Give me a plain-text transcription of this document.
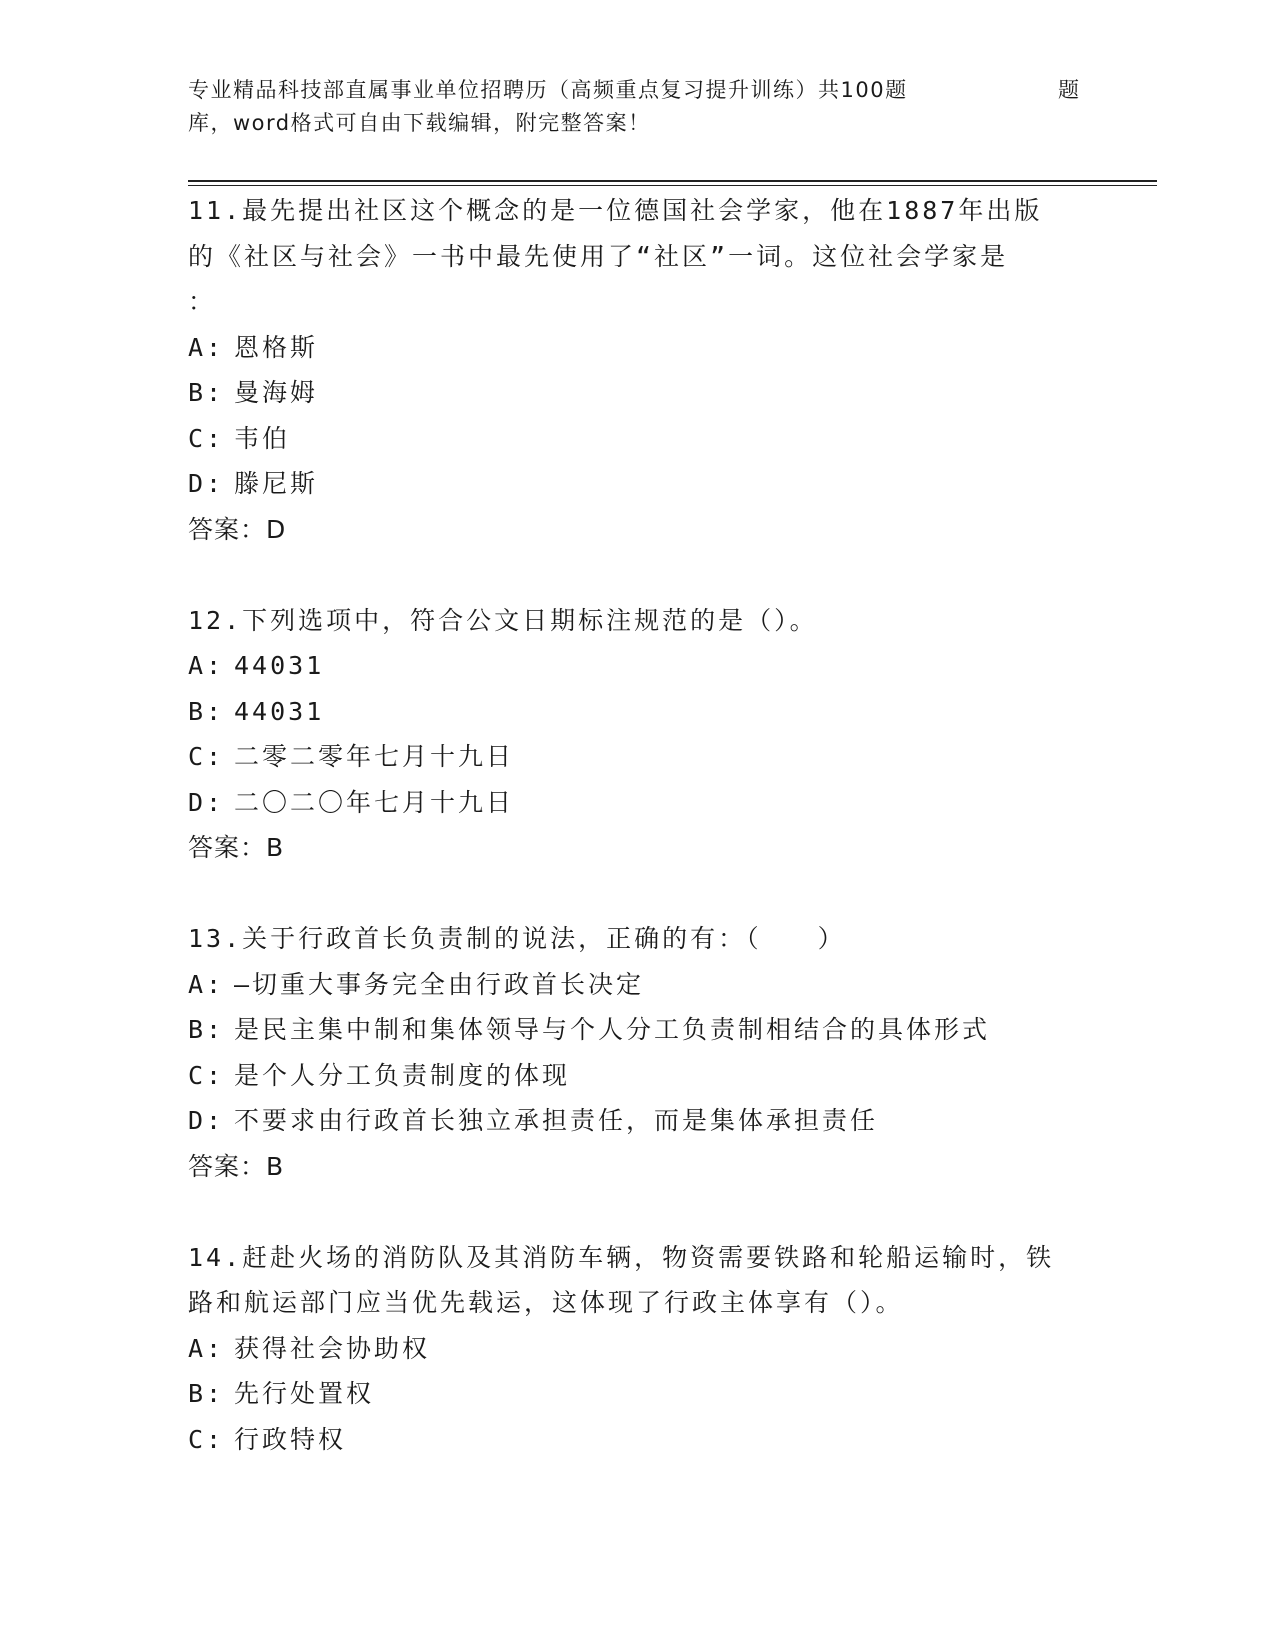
专业精品科技部直属事业单位招聘历（高频重点复习提升训练）共100题	题
库，word格式可自由下载编辑，附完整答案！
11.最先提出社区这个概念的是一位德国社会学家，他在1887年出版
的《社区与社会》一书中最先使用了“社区”一词。这位社会学家是
：
A: 恩格斯
B: 曼海姆
C: 韦伯
D: 滕尼斯
答案：D
12.下列选项中，符合公文日期标注规范的是（）。
A: 44031
B: 44031
C: 二零二零年七月十九日
D: 二〇二〇年七月十九日
答案：B
13.关于行政首长负责制的说法，正确的有：（　　）
A: —切重大事务完全由行政首长决定
B: 是民主集中制和集体领导与个人分工负责制相结合的具体形式
C: 是个人分工负责制度的体现
D: 不要求由行政首长独立承担责任，而是集体承担责任
答案：B
14.赶赴火场的消防队及其消防车辆，物资需要铁路和轮船运输时，铁
路和航运部门应当优先载运，这体现了行政主体享有（）。
A: 获得社会协助权
B: 先行处置权
C: 行政特权
